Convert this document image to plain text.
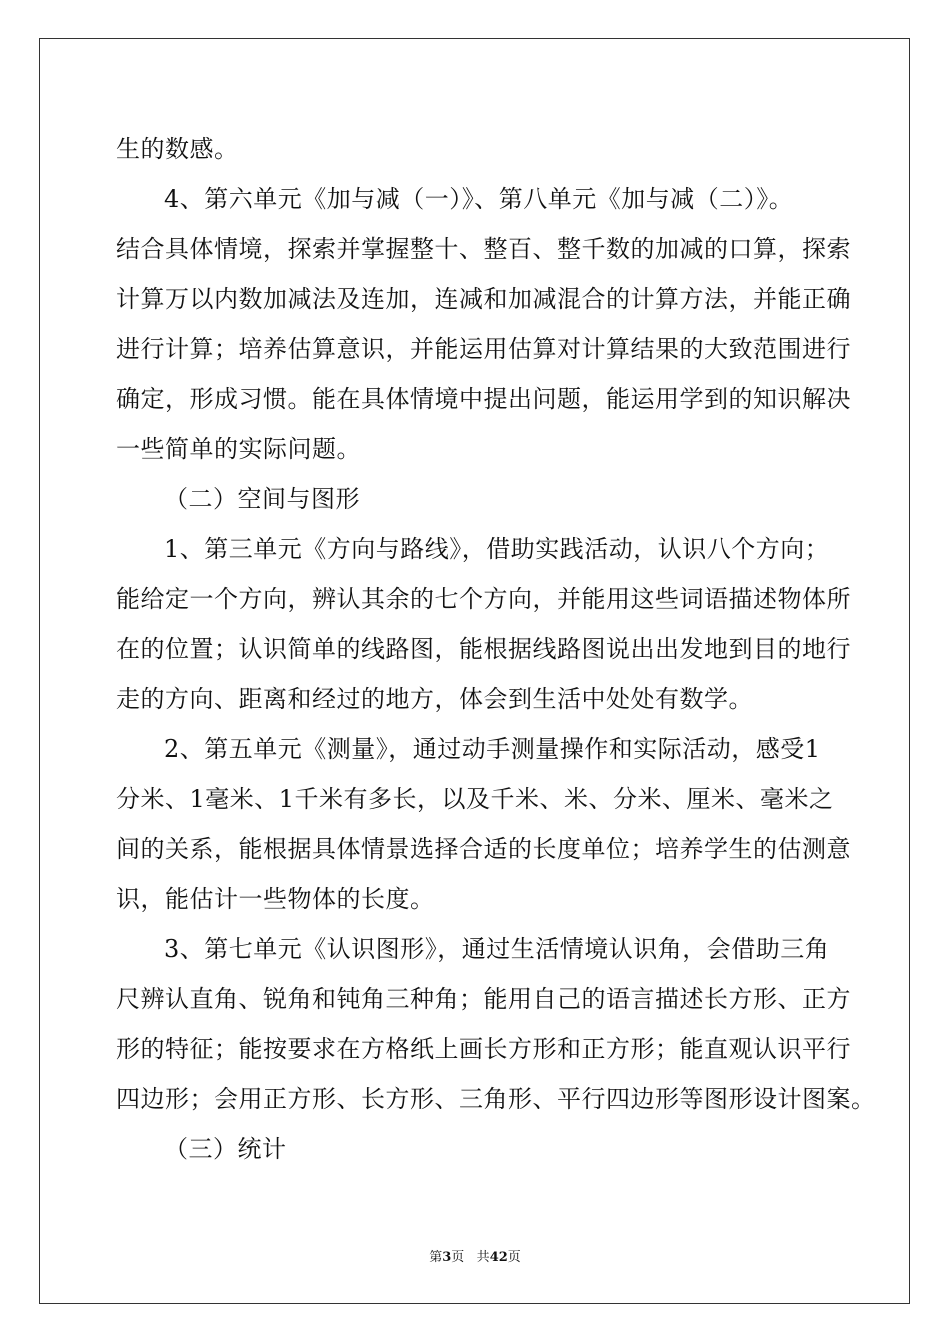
生的数感。
4、第六单元《加与减（一）》、第八单元《加与减（二）》。
结合具体情境，探索并掌握整十、整百、整千数的加减的口算，探索
计算万以内数加减法及连加，连减和加减混合的计算方法，并能正确
进行计算；培养估算意识，并能运用估算对计算结果的大致范围进行
确定，形成习惯。能在具体情境中提出问题，能运用学到的知识解决
一些简单的实际问题。
（二）空间与图形
1、第三单元《方向与路线》，借助实践活动，认识八个方向；
能给定一个方向，辨认其余的七个方向，并能用这些词语描述物体所
在的位置；认识简单的线路图，能根据线路图说出出发地到目的地行
走的方向、距离和经过的地方，体会到生活中处处有数学。
2、第五单元《测量》，通过动手测量操作和实际活动，感受1
分米、1毫米、1千米有多长，以及千米、米、分米、厘米、毫米之
间的关系，能根据具体情景选择合适的长度单位；培养学生的估测意
识，能估计一些物体的长度。
3、第七单元《认识图形》，通过生活情境认识角，会借助三角
尺辨认直角、锐角和钝角三种角；能用自己的语言描述长方形、正方
形的特征；能按要求在方格纸上画长方形和正方形；能直观认识平行
四边形；会用正方形、长方形、三角形、平行四边形等图形设计图案。
（三）统计
第3页 共42页
